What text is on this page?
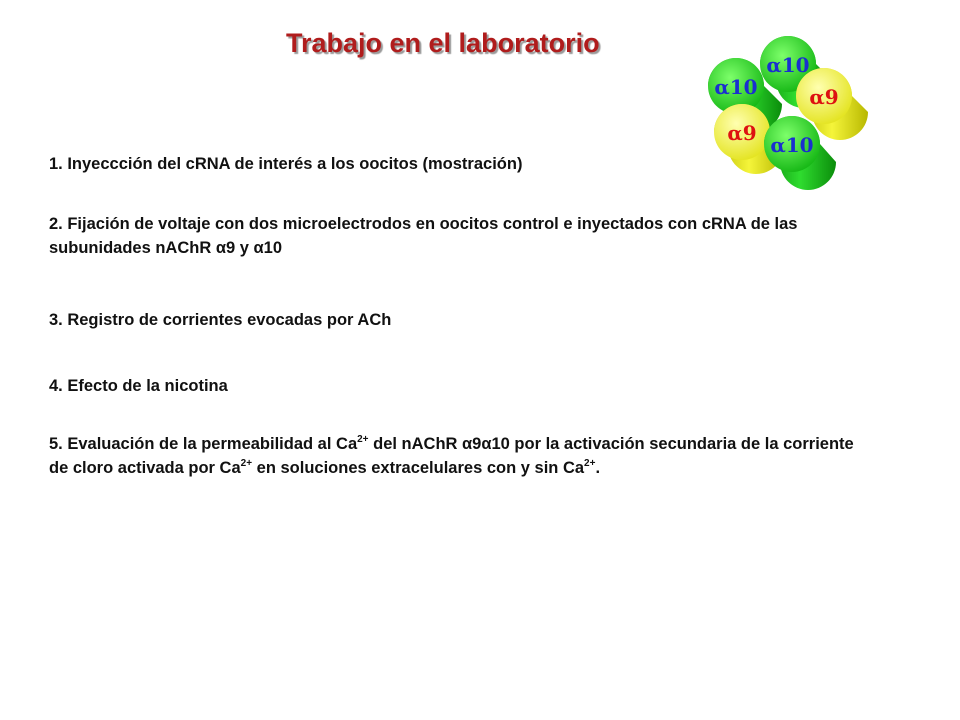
Trabajo en el laboratorio
α10
α10
α9
α9 α10
1. Inyeccción del cRNA de interés a los oocitos (mostración)
2. Fijación de voltaje con dos microelectrodos en oocitos control e inyectados con cRNA de las subunidades nAChR α9 y α10
3. Registro de corrientes evocadas por ACh
4. Efecto de la nicotina
5. Evaluación de la permeabilidad al $Ca^{2+}$ del nAChR α9α10 por la activación secundaria de la corriente de cloro activada por $Ca^{2+}$ en soluciones extracelulares con y $\sin Ca^{2+}$.
